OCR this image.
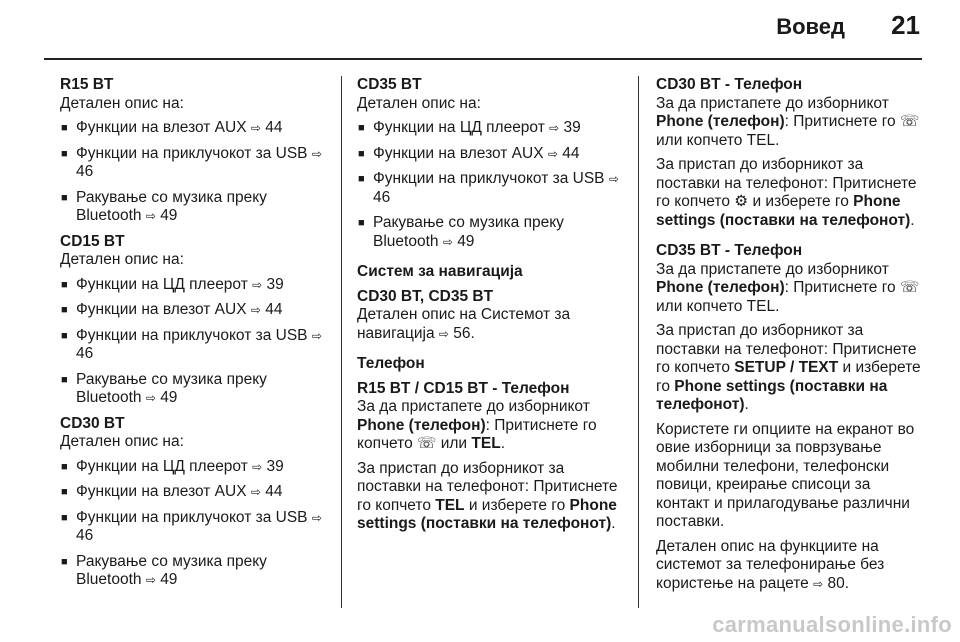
Вовед 21
R15 BT
Детален опис на:
■ Функции на влезот AUX ⇨ 44
■ Функции на приклучокот за USB ⇨ 46
■ Ракување со музика преку Bluetooth ⇨ 49
CD15 BT
Детален опис на:
■ Функции на ЦД плеерот ⇨ 39
■ Функции на влезот AUX ⇨ 44
■ Функции на приклучокот за USB ⇨ 46
■ Ракување со музика преку Bluetooth ⇨ 49
CD30 BT
Детален опис на:
■ Функции на ЦД плеерот ⇨ 39
■ Функции на влезот AUX ⇨ 44
■ Функции на приклучокот за USB ⇨ 46
■ Ракување со музика преку Bluetooth ⇨ 49
CD35 BT
Детален опис на:
■ Функции на ЦД плеерот ⇨ 39
■ Функции на влезот AUX ⇨ 44
■ Функции на приклучокот за USB ⇨ 46
■ Ракување со музика преку Bluetooth ⇨ 49
Систем за навигација
CD30 BT, CD35 BT
Детален опис на Системот за навигација ⇨ 56.
Телефон
R15 BT / CD15 BT - Телефон
За да пристапете до изборникот Phone (телефон): Притиснете го копчето ☏ или TEL.
За пристап до изборникот за поставки на телефонот: Притиснете го копчето TEL и изберете го Phone settings (поставки на телефонот).
CD30 BT - Телефон
За да пристапете до изборникот Phone (телефон): Притиснете го ☏ или копчето TEL.
За пристап до изборникот за поставки на телефонот: Притиснете го копчето ⚙ и изберете го Phone settings (поставки на телефонот).
CD35 BT - Телефон
За да пристапете до изборникот Phone (телефон): Притиснете го ☏ или копчето TEL.
За пристап до изборникот за поставки на телефонот: Притиснете го копчето SETUP / TEXT и изберете го Phone settings (поставки на телефонот).
Користете ги опциите на екранот во овие изборници за поврзување мобилни телефони, телефонски повици, креирање списоци за контакт и прилагодување различни поставки.
Детален опис на функциите на системот за телефонирање без користење на рацете ⇨ 80.
carmanualsonline.info
